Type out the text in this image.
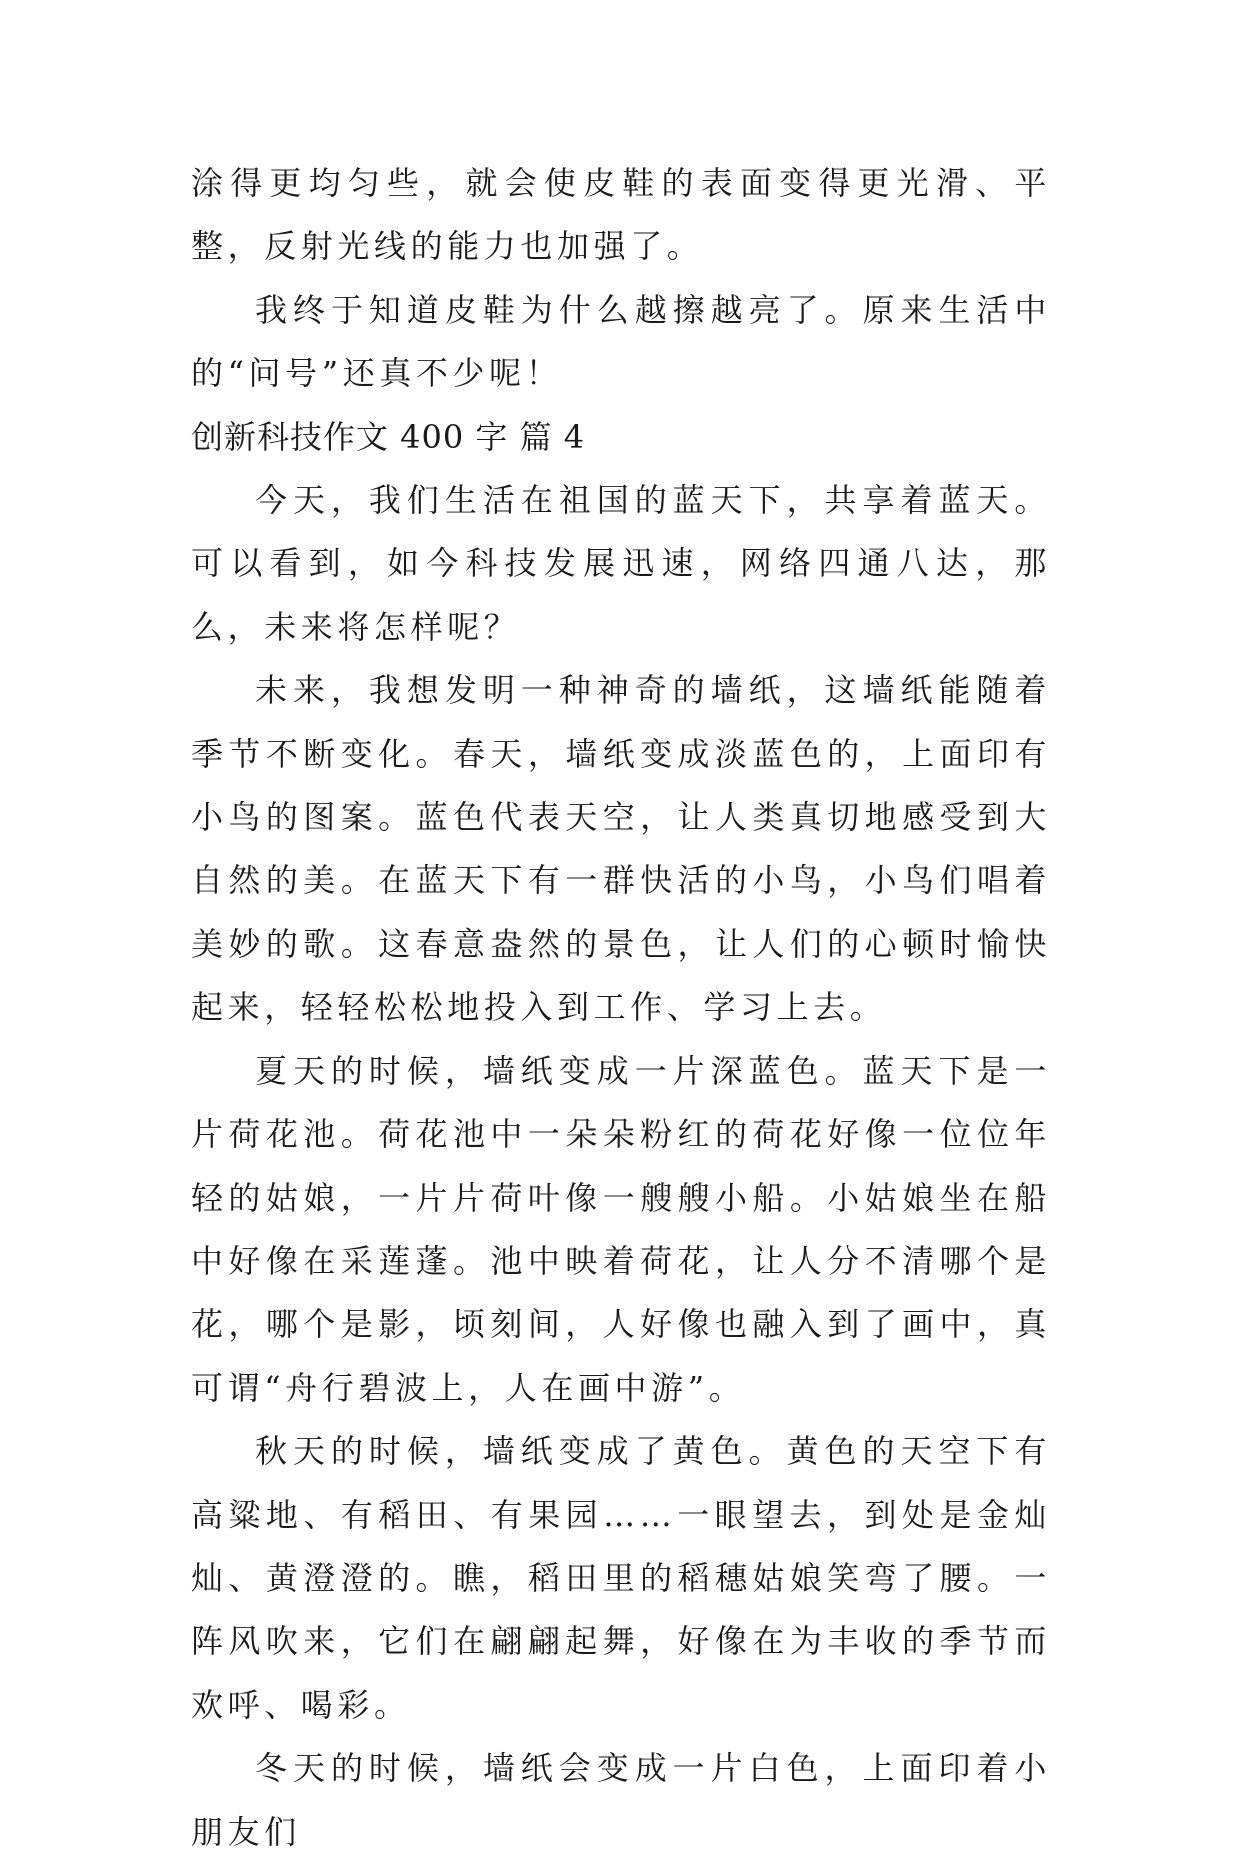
涂得更均匀些，就会使皮鞋的表面变得更光滑、平整，反射光线的能力也加强了。

我终于知道皮鞋为什么越擦越亮了。原来生活中的“问号”还真不少呢！

创新科技作文 400 字 篇 4

今天，我们生活在祖国的蓝天下，共享着蓝天。可以看到，如今科技发展迅速，网络四通八达，那么，未来将怎样呢？

未来，我想发明一种神奇的墙纸，这墙纸能随着季节不断变化。春天，墙纸变成淡蓝色的，上面印有小鸟的图案。蓝色代表天空，让人类真切地感受到大自然的美。在蓝天下有一群快活的小鸟，小鸟们唱着美妙的歌。这春意盎然的景色，让人们的心顿时愉快起来，轻轻松松地投入到工作、学习上去。

夏天的时候，墙纸变成一片深蓝色。蓝天下是一片荷花池。荷花池中一朵朵粉红的荷花好像一位位年轻的姑娘，一片片荷叶像一艘艘小船。小姑娘坐在船中好像在采莲蓬。池中映着荷花，让人分不清哪个是花，哪个是影，顷刻间，人好像也融入到了画中，真可谓“舟行碧波上，人在画中游”。

秋天的时候，墙纸变成了黄色。黄色的天空下有高粱地、有稻田、有果园……一眼望去，到处是金灿灿、黄澄澄的。瞧，稻田里的稻穗姑娘笑弯了腰。一阵风吹来，它们在翩翩起舞，好像在为丰收的季节而欢呼、喝彩。

冬天的时候，墙纸会变成一片白色，上面印着小朋友们
